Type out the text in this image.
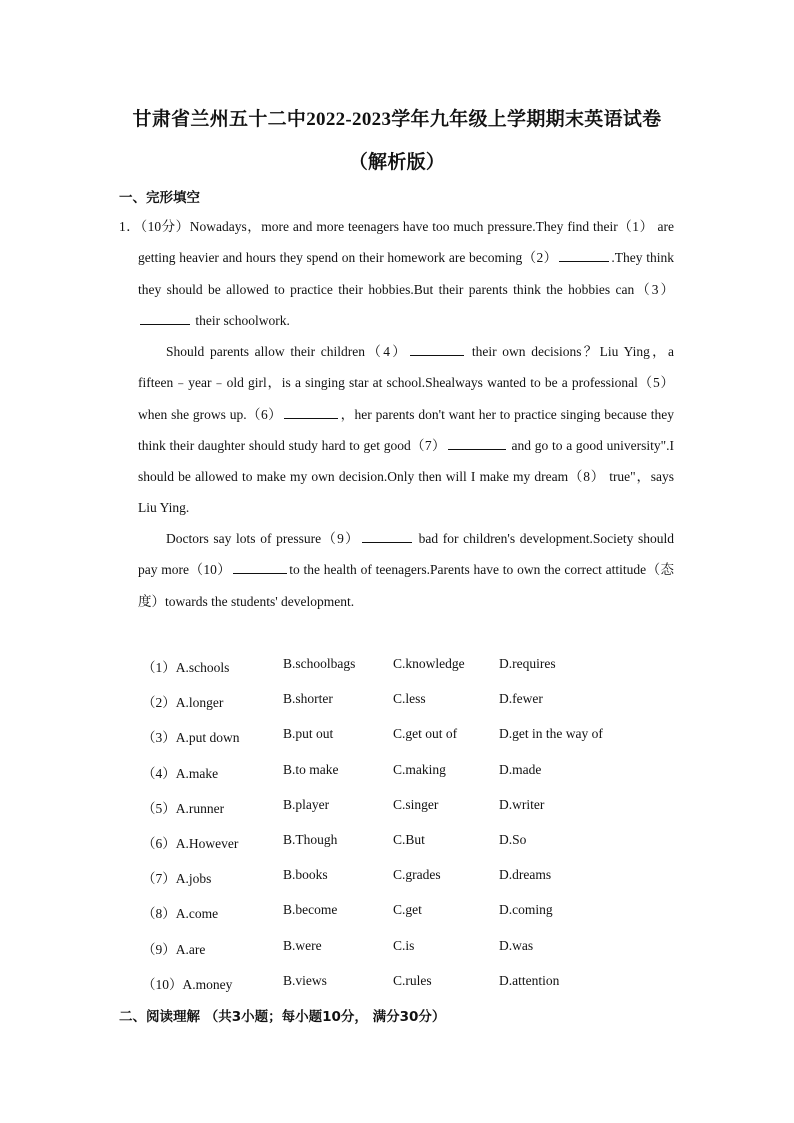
甘肃省兰州五十二中2022-2023学年九年级上学期期末英语试卷
（解析版）
一、完形填空
1．（10分）Nowadays，more and more teenagers have too much pressure.They find their（1） are getting heavier and hours they spend on their homework are becoming（2）	.They think they should be allowed to practice their hobbies.But their parents think the hobbies can（3） their schoolwork.
Should parents allow their children（4）	their own decisions？Liu Ying，a fifteen﹣year﹣old girl，is a singing star at school.Shealways wanted to be a professional（5） when she grows up.（6）	，her parents don't want her to practice singing because they think their daughter should study hard to get good（7）	and go to a good university".I should be allowed to make my own decision.Only then will I make my dream（8） true"，says Liu Ying.
Doctors say lots of pressure（9）	bad for children's development.Society should pay more（10）	to the health of teenagers.Parents have to own the correct attitude（态度）towards the students' development.
（1）A.schools	B.schoolbags	C.knowledge	D.requires
（2）A.longer	B.shorter	C.less	D.fewer
（3）A.put down	B.put out	C.get out of	D.get in the way of
（4）A.make	B.to make	C.making	D.made
（5）A.runner	B.player	C.singer	D.writer
（6）A.However	B.Though	C.But	D.So
（7）A.jobs	B.books	C.grades	D.dreams
（8）A.come	B.become	C.get	D.coming
（9）A.are	B.were	C.is	D.was
（10）A.money	B.views	C.rules	D.attention
二、阅读理解 （共3小题；每小题10分， 满分30分）
